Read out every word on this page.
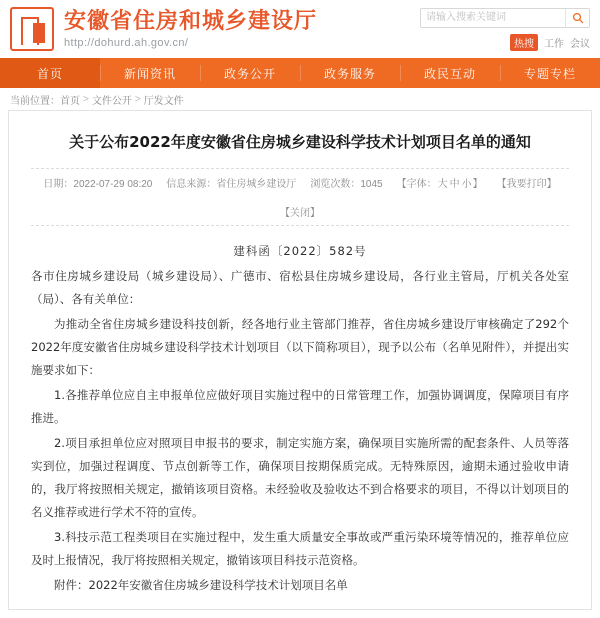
安徽省住房和城乡建设厅
http://dohurd.ah.gov.cn/
请输入搜索关键词	热搜	工作 会议
首页	新闻资讯	政务公开	政务服务	政民互动	专题专栏
当前位置： 首页 > 文件公开 > 厅发文件
关于公布2022年度安徽省住房城乡建设科学技术计划项目名单的通知
日期：2022-07-29 08:20 信息来源：省住房城乡建设厅 浏览次数：1045 【字体：大 中 小】 【我要打印】
【关闭】

建科函〔2022〕582号

各市住房城乡建设局（城乡建设局）、广德市、宿松县住房城乡建设局，各行业主管局，厅机关各处室（局）、各有关单位：

为推动全省住房城乡建设科技创新，经各地行业主管部门推荐，省住房城乡建设厅审核确定了292个2022年度安徽省住房城乡建设科学技术计划项目（以下简称项目），现予以公布（名单见附件），并提出实施要求如下：

1.各推荐单位应自主申报单位应做好项目实施过程中的日常管理工作，加强协调调度，保障项目有序推进。

2.项目承担单位应对照项目申报书的要求，制定实施方案，确保项目实施所需的配套条件、人员等落实到位，加强过程调度、节点创新等工作，确保项目按期保质完成。无特殊原因，逾期未通过验收申请的，我厅将按照相关规定，撤销该项目资格。未经验收及验收达不到合格要求的项目，不得以计划项目的名义推荐或进行学术不符的宣传。

3.科技示范工程类项目在实施过程中，发生重大质量安全事故或严重污染环境等情况的，推荐单位应及时上报情况，我厅将按照相关规定，撤销该项目科技示范资格。

附件：2022年安徽省住房城乡建设科学技术计划项目名单
